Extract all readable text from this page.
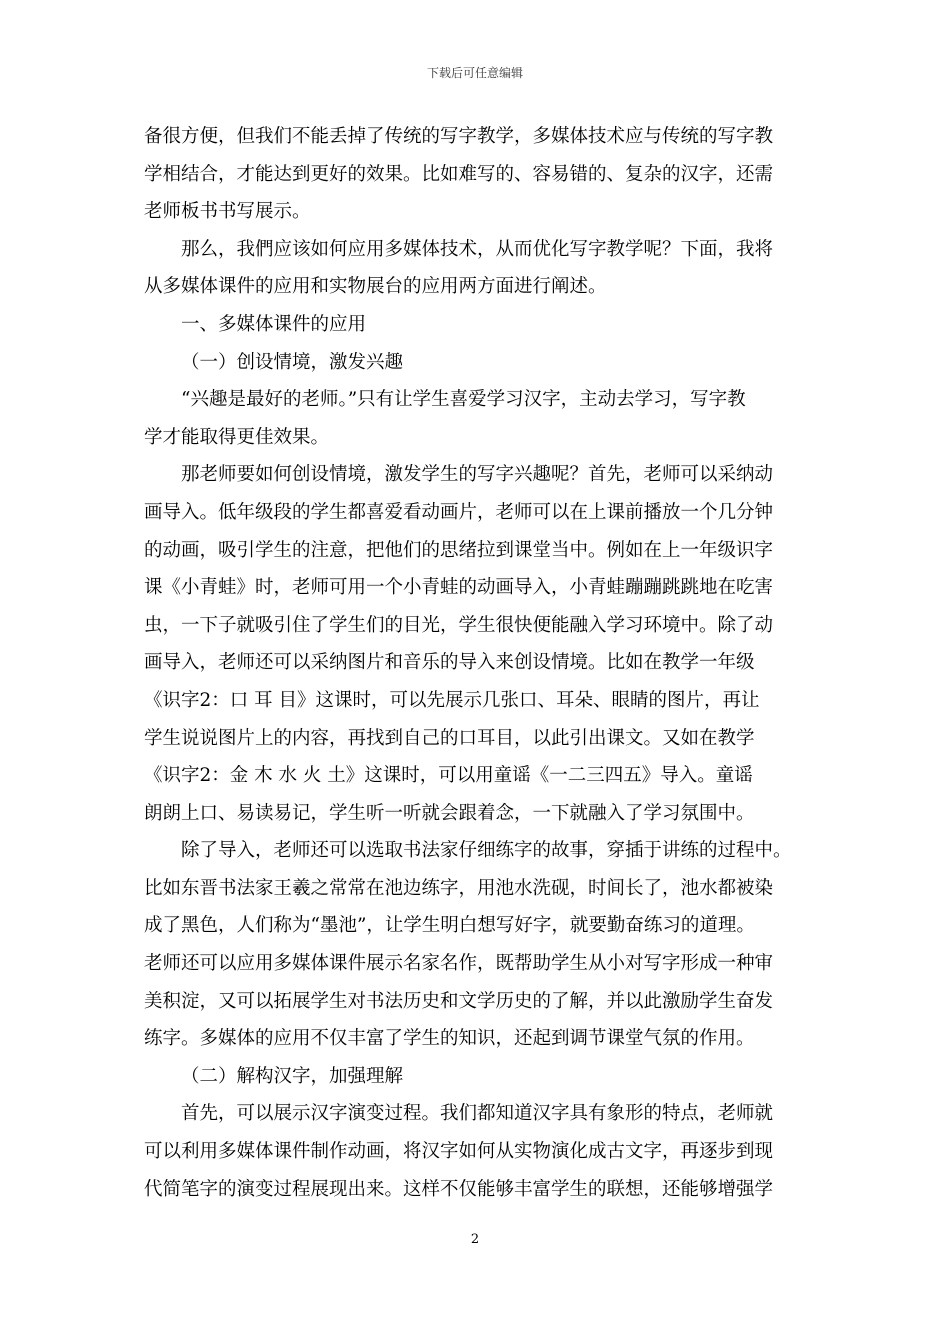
下载后可任意编辑
备很方便，但我们不能丢掉了传统的写字教学，多媒体技术应与传统的写字教
学相结合，才能达到更好的效果。比如难写的、容易错的、复杂的汉字，还需
老师板书书写展示。
那么，我們应该如何应用多媒体技术，从而优化写字教学呢？下面，我将
从多媒体课件的应用和实物展台的应用两方面进行阐述。
一、多媒体课件的应用
（一）创设情境，激发兴趣
“兴趣是最好的老师。”只有让学生喜爱学习汉字，主动去学习，写字教
学才能取得更佳效果。
那老师要如何创设情境，激发学生的写字兴趣呢？首先，老师可以采纳动
画导入。低年级段的学生都喜爱看动画片，老师可以在上课前播放一个几分钟
的动画，吸引学生的注意，把他们的思绪拉到课堂当中。例如在上一年级识字
课《小青蛙》时，老师可用一个小青蛙的动画导入，小青蛙蹦蹦跳跳地在吃害
虫，一下子就吸引住了学生们的目光，学生很快便能融入学习环境中。除了动
画导入，老师还可以采纳图片和音乐的导入来创设情境。比如在教学一年级
《识字2：口 耳 目》这课时，可以先展示几张口、耳朵、眼睛的图片，再让
学生说说图片上的内容，再找到自己的口耳目，以此引出课文。又如在教学
《识字2：金 木 水 火 土》这课时，可以用童谣《一二三四五》导入。童谣
朗朗上口、易读易记，学生听一听就会跟着念，一下就融入了学习氛围中。
除了导入，老师还可以选取书法家仔细练字的故事，穿插于讲练的过程中。
比如东晋书法家王羲之常常在池边练字，用池水洗砚，时间长了，池水都被染
成了黑色，人们称为“墨池”，让学生明白想写好字，就要勤奋练习的道理。
老师还可以应用多媒体课件展示名家名作，既帮助学生从小对写字形成一种审
美积淀，又可以拓展学生对书法历史和文学历史的了解，并以此激励学生奋发
练字。多媒体的应用不仅丰富了学生的知识，还起到调节课堂气氛的作用。
（二）解构汉字，加强理解
首先，可以展示汉字演变过程。我们都知道汉字具有象形的特点，老师就
可以利用多媒体课件制作动画，将汉字如何从实物演化成古文字，再逐步到现
代简笔字的演变过程展现出来。这样不仅能够丰富学生的联想，还能够增强学
2
